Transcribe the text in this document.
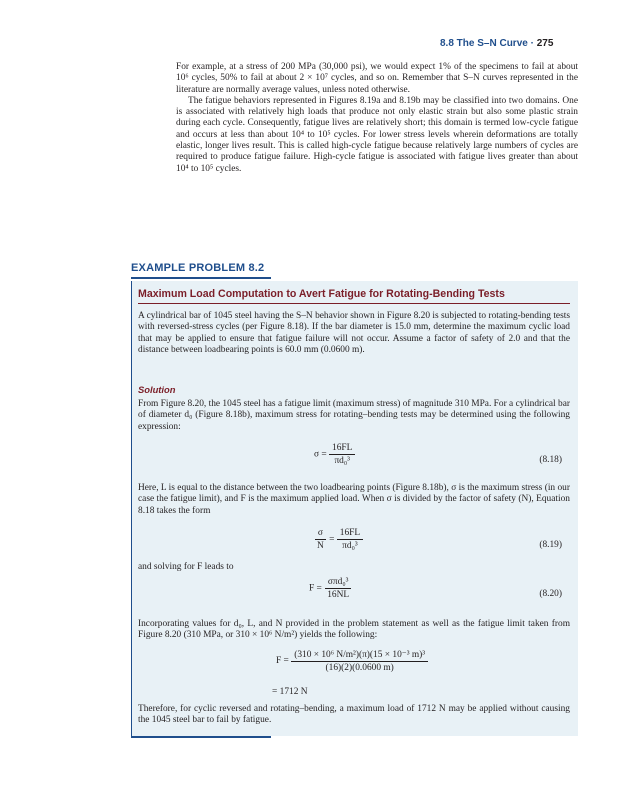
8.8 The S–N Curve · 275

For example, at a stress of 200 MPa (30,000 psi), we would expect 1% of the specimens to fail at about 10⁶ cycles, 50% to fail at about 2 × 10⁷ cycles, and so on. Remember that S–N curves represented in the literature are normally average values, unless noted otherwise.

The fatigue behaviors represented in Figures 8.19a and 8.19b may be classified into two domains. One is associated with relatively high loads that produce not only elastic strain but also some plastic strain during each cycle. Consequently, fatigue lives are relatively short; this domain is termed low-cycle fatigue and occurs at less than about 10⁴ to 10⁵ cycles. For lower stress levels wherein deformations are totally elastic, longer lives result. This is called high-cycle fatigue because relatively large numbers of cycles are required to produce fatigue failure. High-cycle fatigue is associated with fatigue lives greater than about 10⁴ to 10⁵ cycles.

EXAMPLE PROBLEM 8.2
Maximum Load Computation to Avert Fatigue for Rotating-Bending Tests

A cylindrical bar of 1045 steel having the S–N behavior shown in Figure 8.20 is subjected to rotating-bending tests with reversed-stress cycles (per Figure 8.18). If the bar diameter is 15.0 mm, determine the maximum cyclic load that may be applied to ensure that fatigue failure will not occur. Assume a factor of safety of 2.0 and that the distance between loadbearing points is 60.0 mm (0.0600 m).

Solution

From Figure 8.20, the 1045 steel has a fatigue limit (maximum stress) of magnitude 310 MPa. For a cylindrical bar of diameter d₀ (Figure 8.18b), maximum stress for rotating–bending tests may be determined using the following expression:

$\sigma = \frac{16FL}{\text{πd₀³}}$	(8.18)

Here, L is equal to the distance between the two loadbearing points (Figure 8.18b), σ is the maximum stress (in our case the fatigue limit), and F is the maximum applied load. When σ is divided by the factor of safety (N), Equation 8.18 takes the form

$\frac{\sigma}{N} = \frac{16FL}{\text{πd₀³}}$	(8.19)

and solving for F leads to

$F = \frac{\text{σπd₀³}}{16NL}$	(8.20)

Incorporating values for d₀, L, and N provided in the problem statement as well as the fatigue limit taken from Figure 8.20 (310 MPa, or 310 × 10⁶ N/m²) yields the following:

$F = \frac{\text{(310 × 10⁶ N/m²)(π)(15 × 10⁻³ m)³}}{(16)(2)(0.0600 m)}$
= 1712 N

Therefore, for cyclic reversed and rotating–bending, a maximum load of 1712 N may be applied without causing the 1045 steel bar to fail by fatigue.
